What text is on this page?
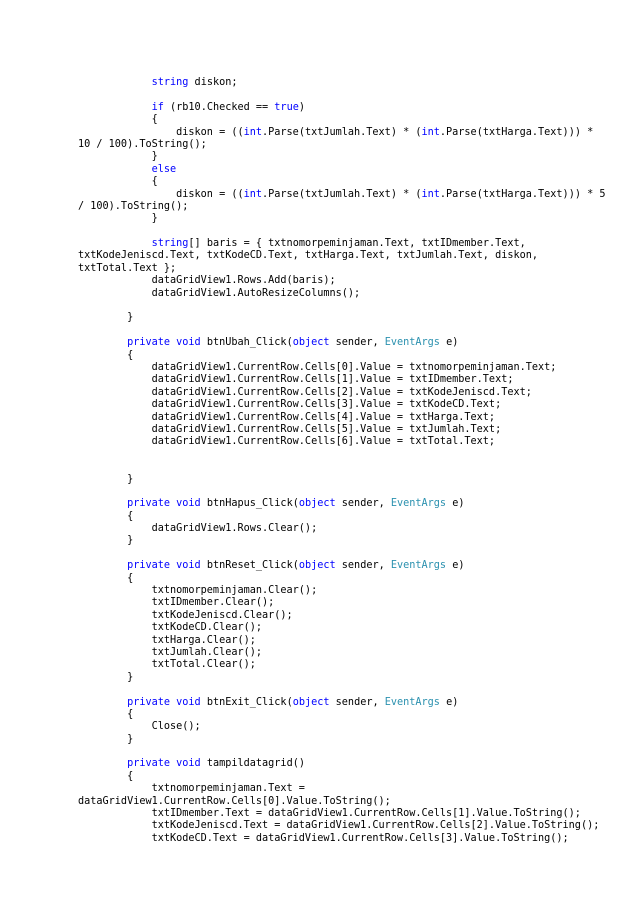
string diskon;
if (rb10.Checked == true)
{
diskon = ((int.Parse(txtJumlah.Text) * (int.Parse(txtHarga.Text))) *
10 / 100).ToString();
}
else
{
diskon = ((int.Parse(txtJumlah.Text) * (int.Parse(txtHarga.Text))) * 5
/ 100).ToString();
}
string[] baris = { txtnomorpeminjaman.Text, txtIDmember.Text,
txtKodeJeniscd.Text, txtKodeCD.Text, txtHarga.Text, txtJumlah.Text, diskon,
txtTotal.Text };
dataGridView1.Rows.Add(baris);
dataGridView1.AutoResizeColumns();
}
private void btnUbah_Click(object sender, EventArgs e)
{
dataGridView1.CurrentRow.Cells[0].Value = txtnomorpeminjaman.Text;
dataGridView1.CurrentRow.Cells[1].Value = txtIDmember.Text;
dataGridView1.CurrentRow.Cells[2].Value = txtKodeJeniscd.Text;
dataGridView1.CurrentRow.Cells[3].Value = txtKodeCD.Text;
dataGridView1.CurrentRow.Cells[4].Value = txtHarga.Text;
dataGridView1.CurrentRow.Cells[5].Value = txtJumlah.Text;
dataGridView1.CurrentRow.Cells[6].Value = txtTotal.Text;
}
private void btnHapus_Click(object sender, EventArgs e)
{
dataGridView1.Rows.Clear();
}
private void btnReset_Click(object sender, EventArgs e)
{
txtnomorpeminjaman.Clear();
txtIDmember.Clear();
txtKodeJeniscd.Clear();
txtKodeCD.Clear();
txtHarga.Clear();
txtJumlah.Clear();
txtTotal.Clear();
}
private void btnExit_Click(object sender, EventArgs e)
{
Close();
}
private void tampildatagrid()
{
txtnomorpeminjaman.Text =
dataGridView1.CurrentRow.Cells[0].Value.ToString();
txtIDmember.Text = dataGridView1.CurrentRow.Cells[1].Value.ToString();
txtKodeJeniscd.Text = dataGridView1.CurrentRow.Cells[2].Value.ToString();
txtKodeCD.Text = dataGridView1.CurrentRow.Cells[3].Value.ToString();
